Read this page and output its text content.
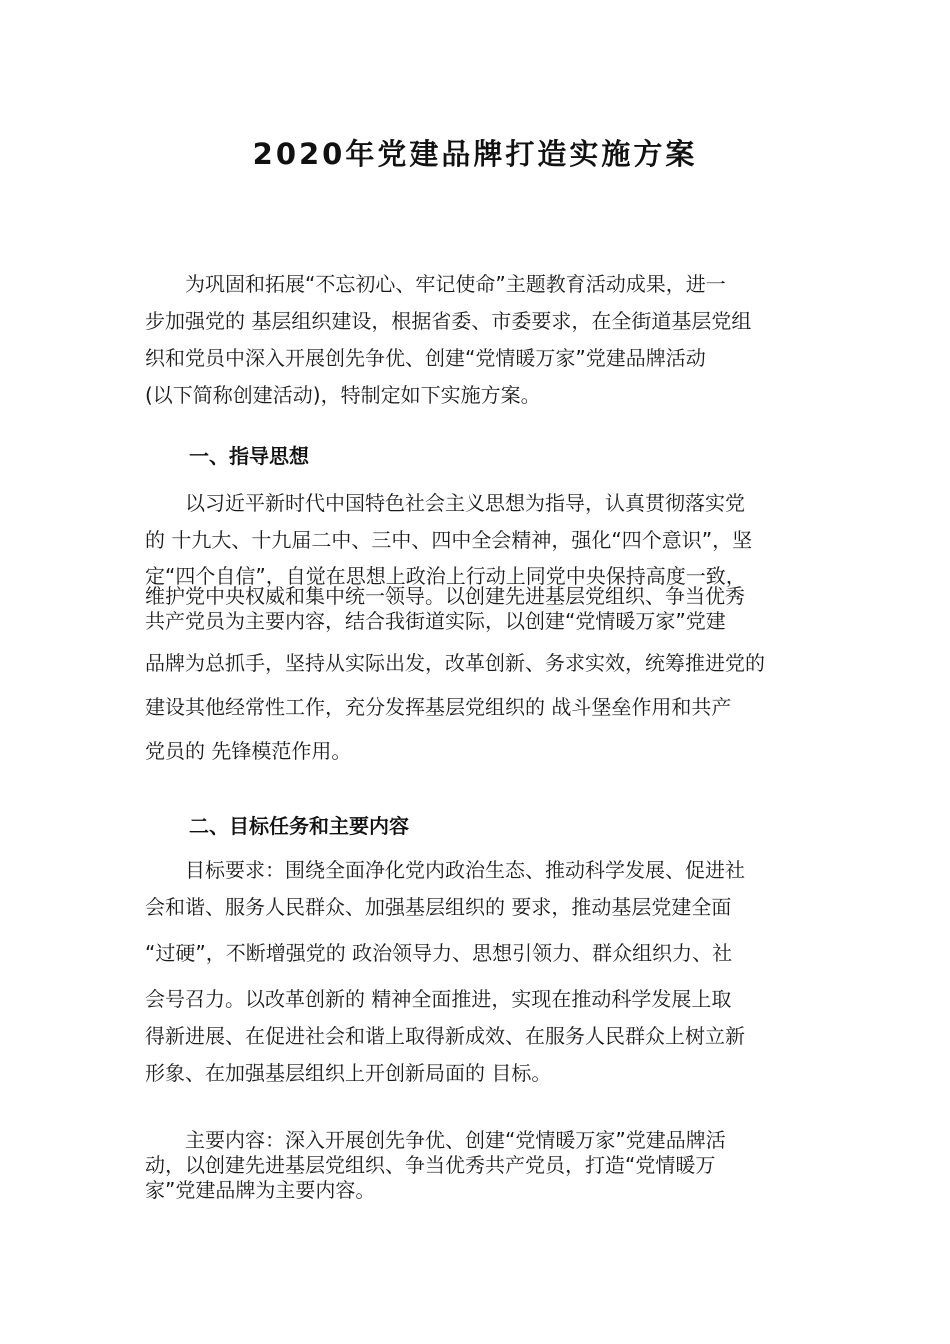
2020年党建品牌打造实施方案
　　为巩固和拓展“不忘初心、牢记使命”主题教育活动成果，进一
步加强党的 基层组织建设，根据省委、市委要求，在全街道基层党组
织和党员中深入开展创先争优、创建“党情暖万家”党建品牌活动
(以下简称创建活动)，特制定如下实施方案。
一、指导思想
　　以习近平新时代中国特色社会主义思想为指导，认真贯彻落实党
的 十九大、十九届二中、三中、四中全会精神，强化“四个意识”，坚
定“四个自信”，自觉在思想上政治上行动上同党中央保持高度一致，
维护党中央权威和集中统一领导。以创建先进基层党组织、争当优秀
共产党员为主要内容，结合我街道实际，以创建“党情暖万家”党建
品牌为总抓手，坚持从实际出发，改革创新、务求实效，统筹推进党的
建设其他经常性工作，充分发挥基层党组织的 战斗堡垒作用和共产
党员的 先锋模范作用。
二、目标任务和主要内容
　　目标要求：围绕全面净化党内政治生态、推动科学发展、促进社
会和谐、服务人民群众、加强基层组织的 要求，推动基层党建全面
“过硬”，不断增强党的 政治领导力、思想引领力、群众组织力、社
会号召力。以改革创新的 精神全面推进，实现在推动科学发展上取
得新进展、在促进社会和谐上取得新成效、在服务人民群众上树立新
形象、在加强基层组织上开创新局面的 目标。
　　主要内容：深入开展创先争优、创建“党情暖万家”党建品牌活
动，以创建先进基层党组织、争当优秀共产党员，打造“党情暖万
家”党建品牌为主要内容。
